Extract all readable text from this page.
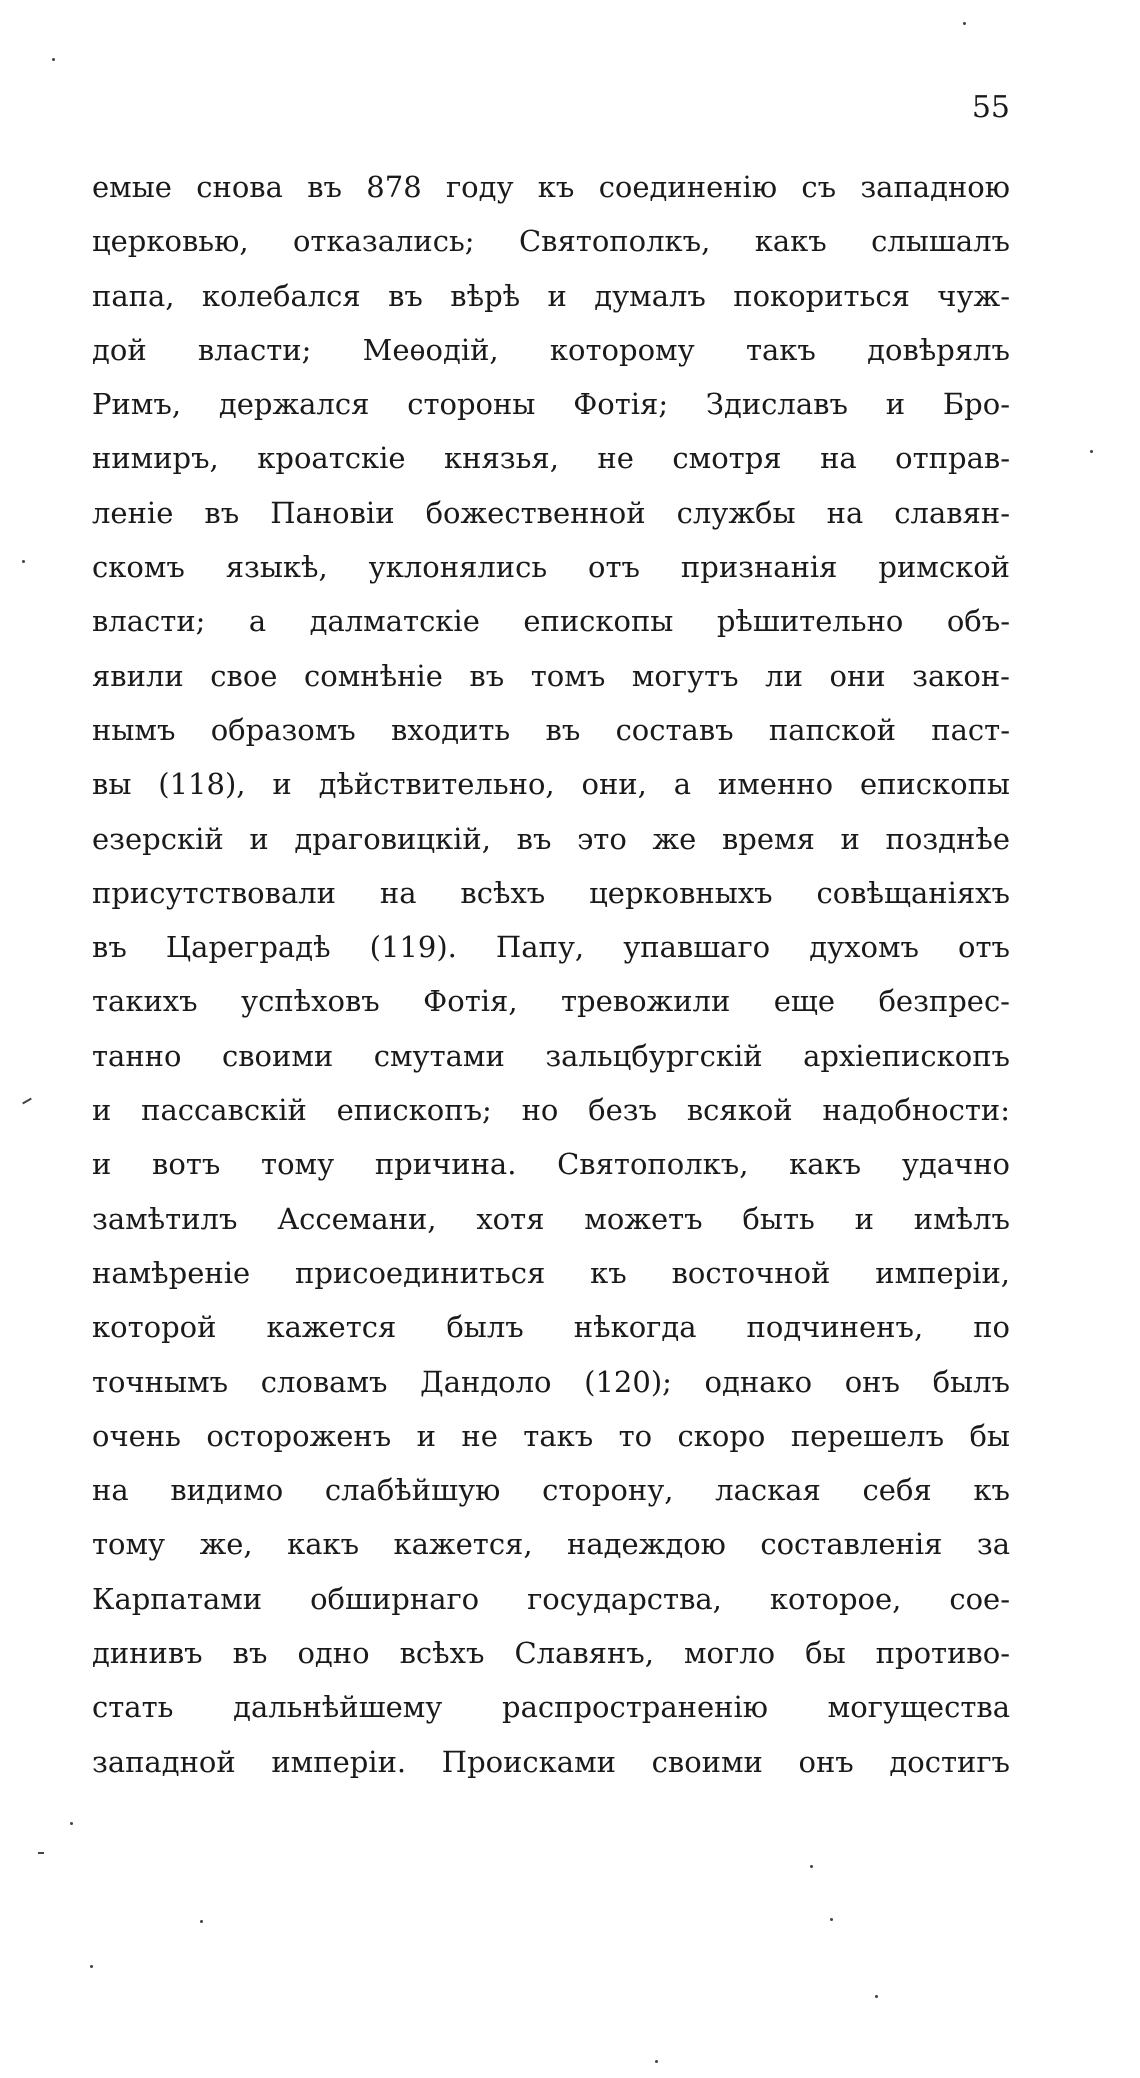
55
емые снова въ 878 году къ соединенію съ западною
церковью, отказались; Святополкъ, какъ слышалъ
папа, колебался въ вѣрѣ и думалъ покориться чуж-
дой власти; Меѳодій, которому такъ довѣрялъ
Римъ, держался стороны Фотія; Здиславъ и Бро-
нимиръ, кроатскіе князья, не смотря на отправ-
леніе въ Пановіи божественной службы на славян-
скомъ языкѣ, уклонялись отъ признанія римской
власти; а далматскіе епископы рѣшительно объ-
явили свое сомнѣніе въ томъ могутъ ли они закон-
нымъ образомъ входить въ составъ папской паст-
вы (118), и дѣйствительно, они, а именно епископы
езерскій и драговицкій, въ это же время и позднѣе
присутствовали на всѣхъ церковныхъ совѣщаніяхъ
въ Цареградѣ (119). Папу, упавшаго духомъ отъ
такихъ успѣховъ Фотія, тревожили еще безпрес-
танно своими смутами зальцбургскій архіепископъ
и пассавскій епископъ; но безъ всякой надобности:
и вотъ тому причина. Святополкъ, какъ удачно
замѣтилъ Ассемани, хотя можетъ быть и имѣлъ
намѣреніе присоединиться къ восточной имперіи,
которой кажется былъ нѣкогда подчиненъ, по
точнымъ словамъ Дандоло (120); однако онъ былъ
очень остороженъ и не такъ то скоро перешелъ бы
на видимо слабѣйшую сторону, лаская себя къ
тому же, какъ кажется, надеждою составленія за
Карпатами обширнаго государства, которое, сое-
динивъ въ одно всѣхъ Славянъ, могло бы противо-
стать дальнѣйшему распространенію могущества
западной имперіи. Происками своими онъ достигъ
